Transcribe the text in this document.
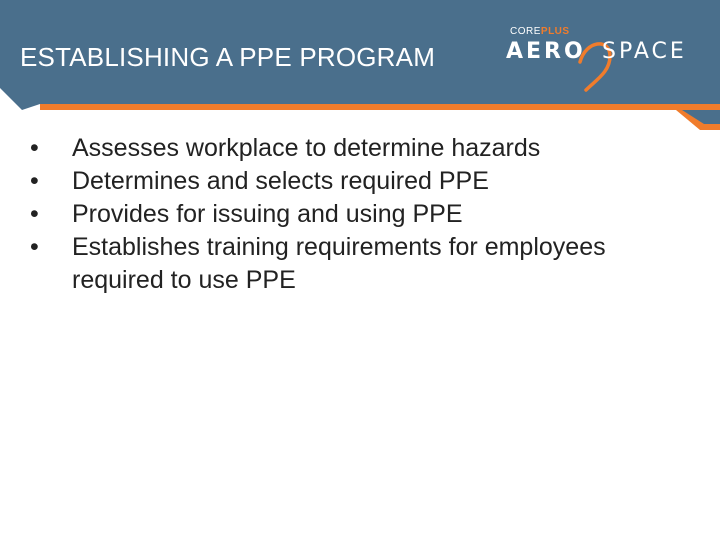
ESTABLISHING A PPE PROGRAM
COREPLUS
AERO SPACE
•	Assesses workplace to determine hazards
•	Determines and selects required PPE
•	Provides for issuing and using PPE
•	Establishes training requirements for employees required to use PPE
